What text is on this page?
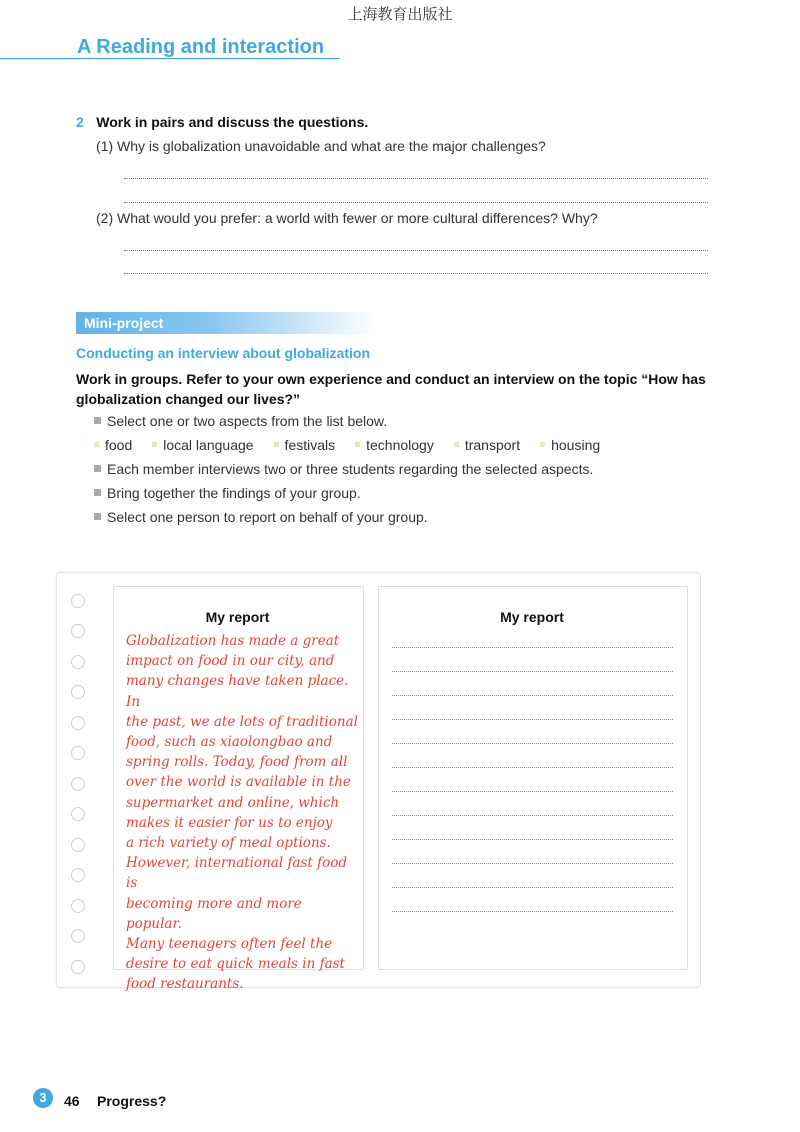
上海教育出版社
A Reading and interaction
2 Work in pairs and discuss the questions.
(1) Why is globalization unavoidable and what are the major challenges?
(2) What would you prefer: a world with fewer or more cultural differences? Why?
Mini-project
Conducting an interview about globalization
Work in groups. Refer to your own experience and conduct an interview on the topic “How has globalization changed our lives?”
Select one or two aspects from the list below.
food local language festivals technology transport housing
Each member interviews two or three students regarding the selected aspects.
Bring together the findings of your group.
Select one person to report on behalf of your group.
My report
Globalization has made a great
impact on food in our city, and
many changes have taken place. In
the past, we ate lots of traditional
food, such as xiaolongbao and
spring rolls. Today, food from all
over the world is available in the
supermarket and online, which
makes it easier for us to enjoy
a rich variety of meal options.
However, international fast food is
becoming more and more popular.
Many teenagers often feel the
desire to eat quick meals in fast
food restaurants.
My report
3	46 Progress?
